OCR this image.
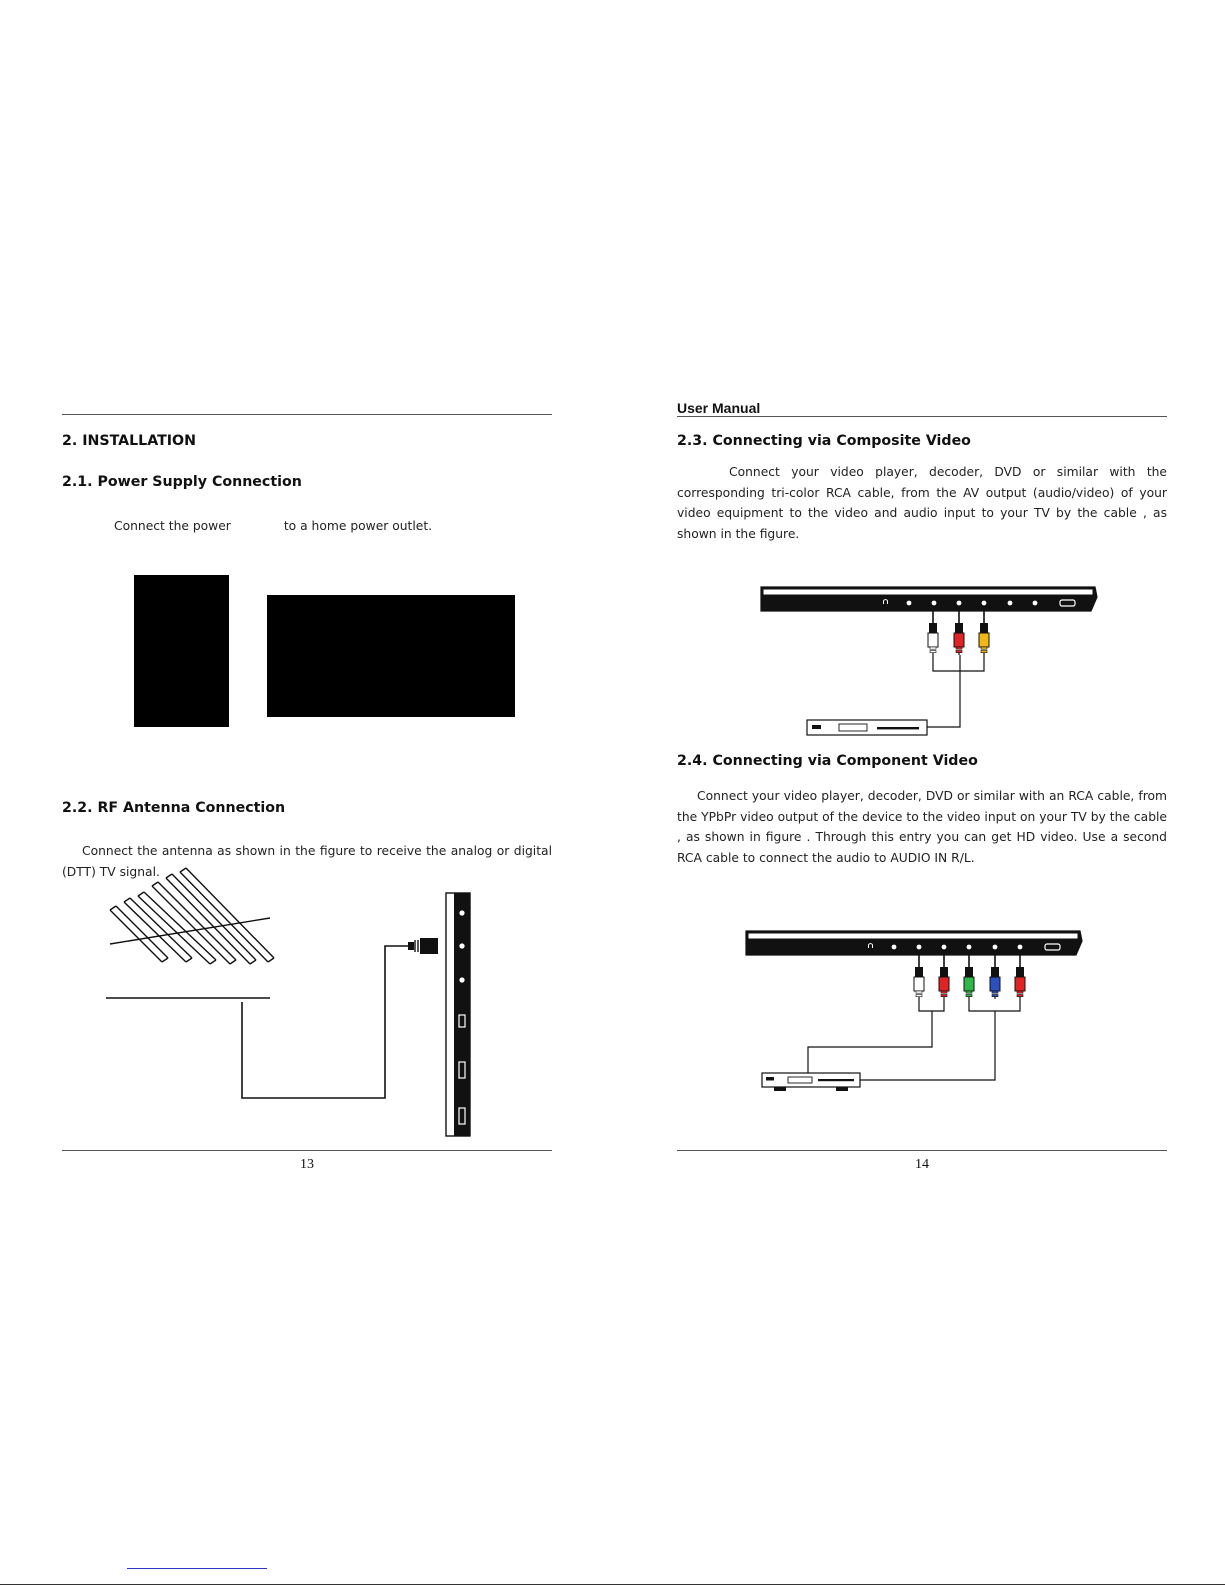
2. INSTALLATION
2.1. Power Supply Connection

Connect the power	to a home power outlet.

2.2. RF Antenna Connection

Connect the antenna as shown in the figure to receive the analog or digital (DTT) TV signal.

13
User Manual
2.3. Connecting via Composite Video

Connect your video player, decoder, DVD or similar with the corresponding tri-color RCA cable, from the AV output (audio/video) of your video equipment to the video and audio input to your TV by the cable , as shown in the figure.

2.4. Connecting via Component Video

Connect your video player, decoder, DVD or similar with an RCA cable, from the YPbPr video output of the device to the video input on your TV by the cable , as shown in figure . Through this entry you can get HD video. Use a second RCA cable to connect the audio to AUDIO IN R/L.

14
